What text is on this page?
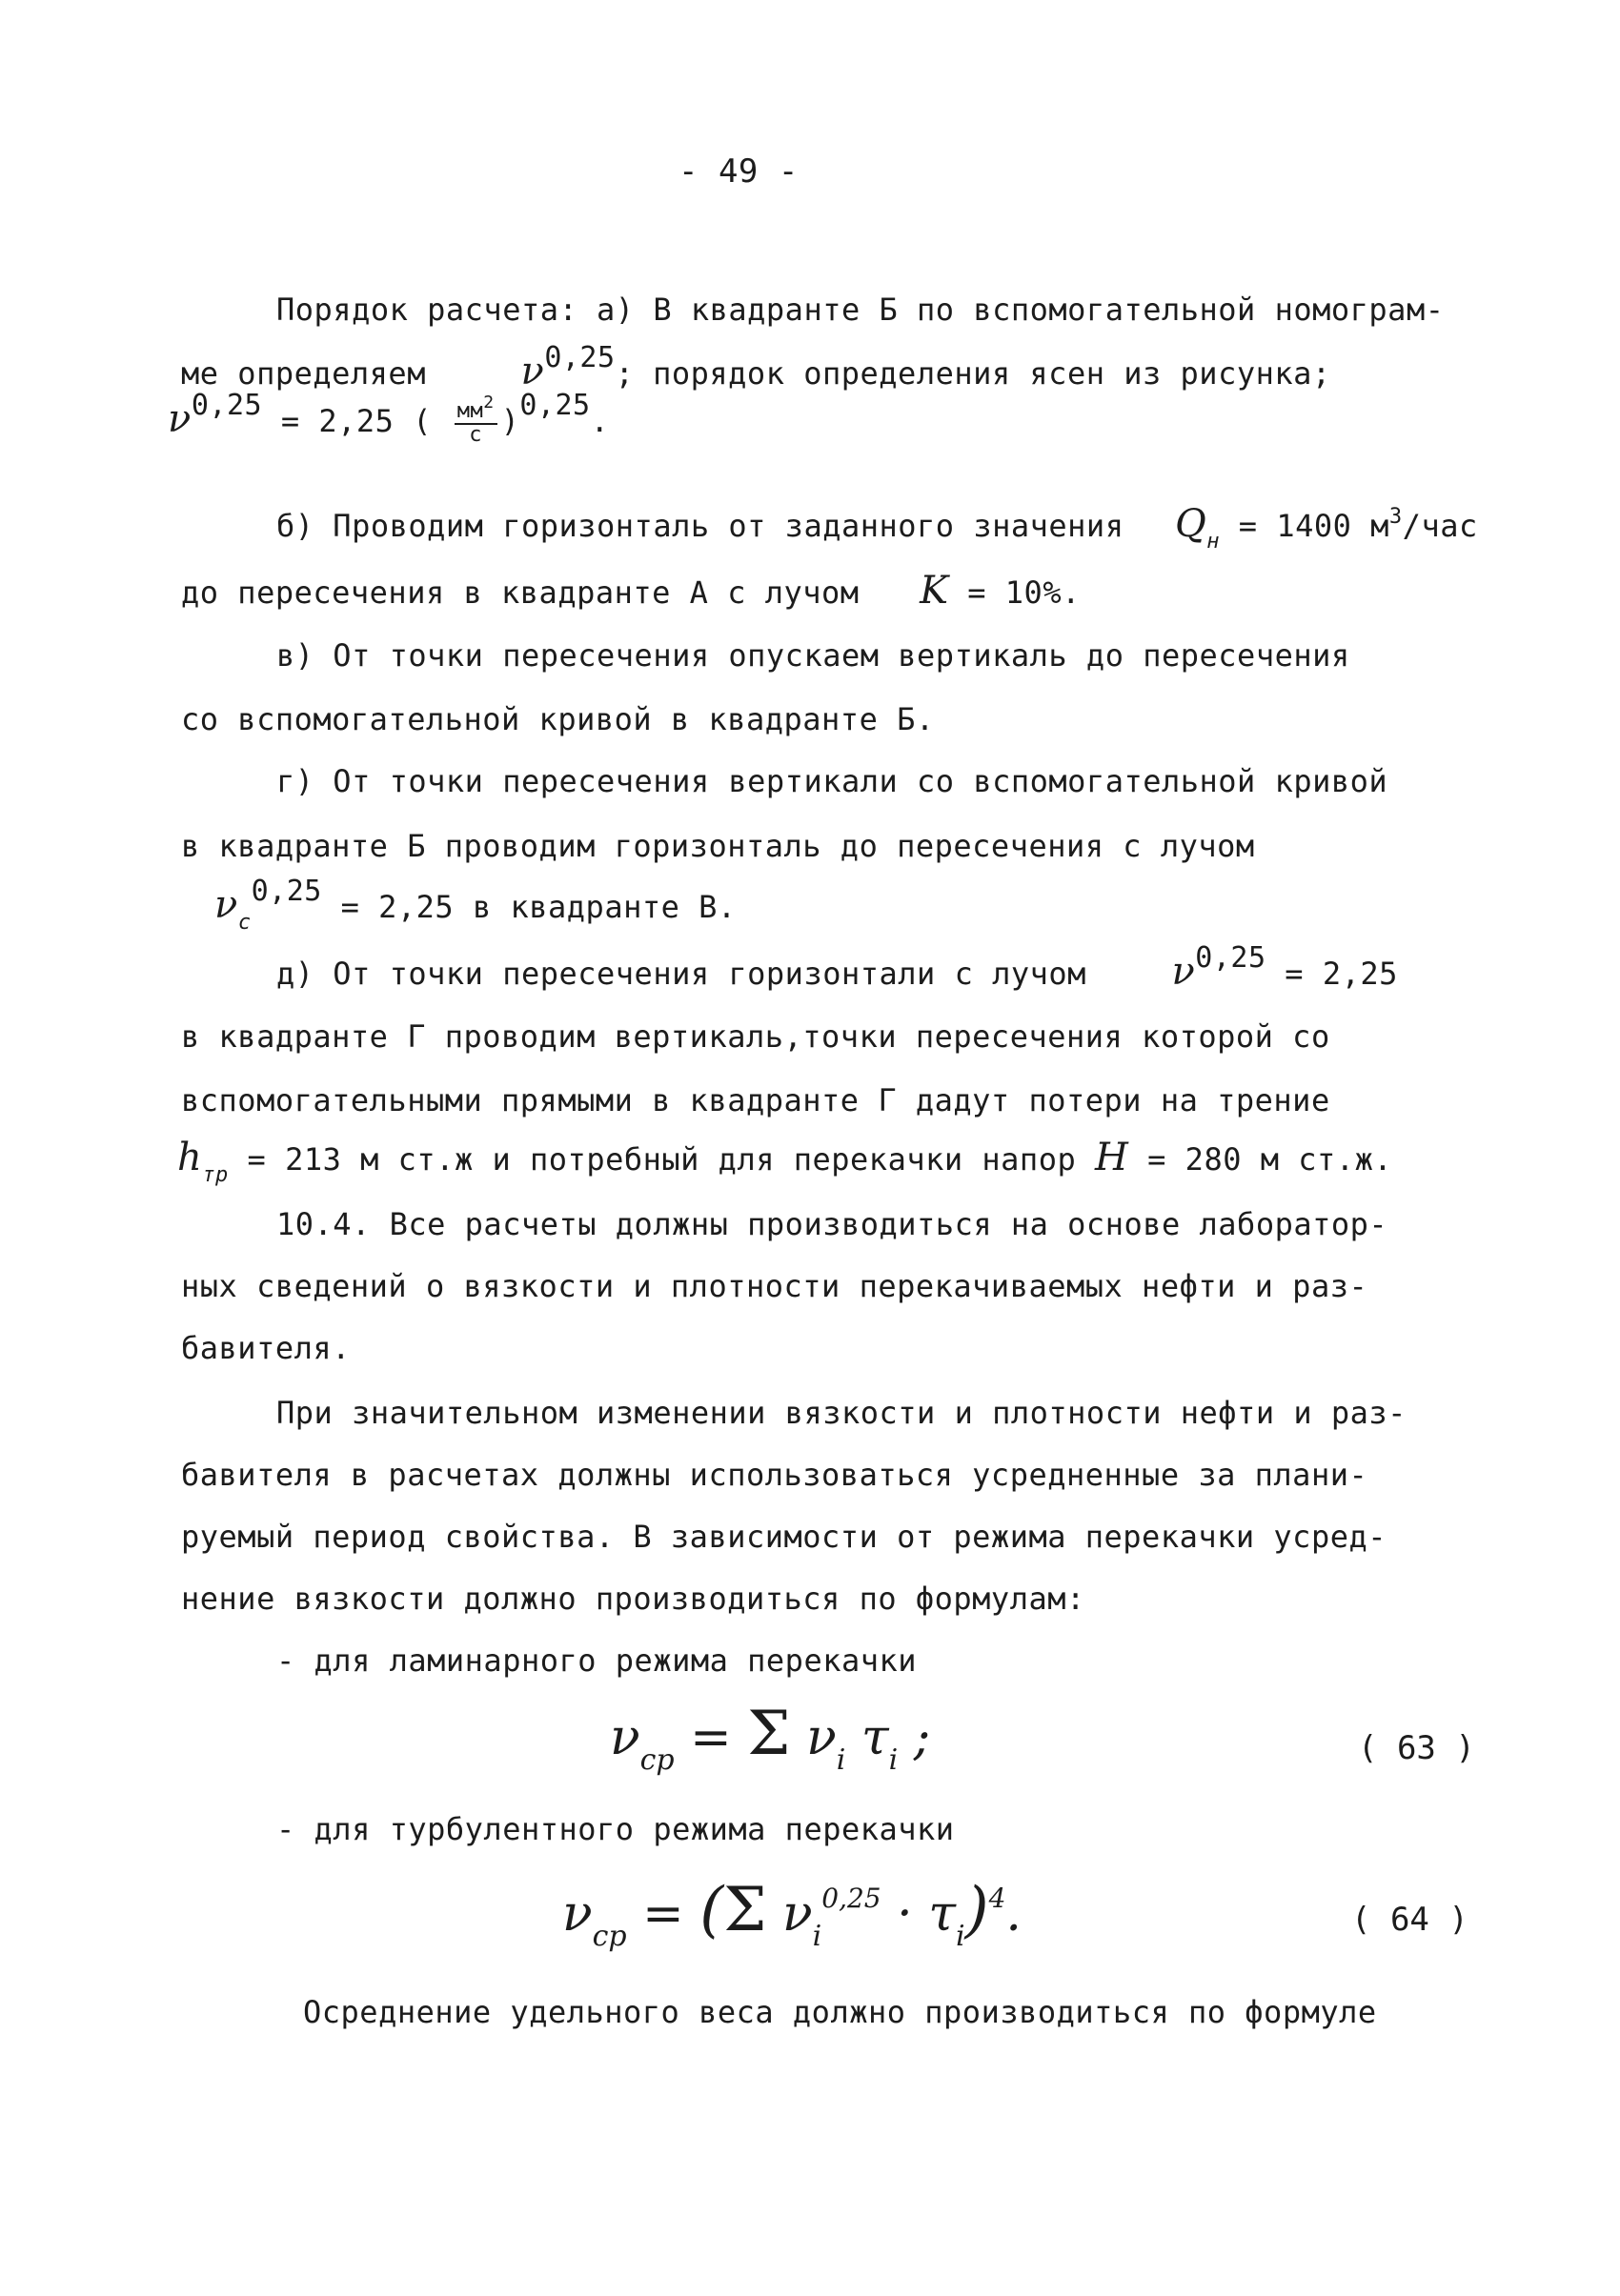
- 49 -
Порядок расчета: а) В квадранте Б по вспомогательной номограм-
ме определяем ν0,25; порядок определения ясен из рисунка;
ν0,25 = 2,25 ( $\frac{мм^2}{с} )0,25$.
б) Проводим горизонталь от заданного значения $Q_н = 1400$ $м^3$/час
до пересечения в квадранте А с лучом K = 10%.
в) От точки пересечения опускаем вертикаль до пересечения
со вспомогательной кривой в квадранте Б.
г) От точки пересечения вертикали со вспомогательной кривой
в квадранте Б проводим горизонталь до пересечения с лучом
$\nu_с0,25 = 2,25$ в квадранте В.
д) От точки пересечения горизонтали с лучом ν0,25 = 2,25
в квадранте Г проводим вертикаль,точки пересечения которой со
вспомогательными прямыми в квадранте Г дадут потери на трение
$h_{тр} = 213$ м ст.ж и потребный для перекачки напор H = 280 м ст.ж.
10.4. Все расчеты должны производиться на основе лаборатор-
ных сведений о вязкости и плотности перекачиваемых нефти и раз-
бавителя.
При значительном изменении вязкости и плотности нефти и раз-
бавителя в расчетах должны использоваться усредненные за плани-
руемый период свойства. В зависимости от режима перекачки усред-
нение вязкости должно производиться по формулам:
- для ламинарного режима перекачки
$\nu_{ср} = \Sigma$ $\nu_i$ $\tau_i$ ;	( 63 )
- для турбулентного режима перекачки
$\nu_{ср} = (\Sigma$ $\nu_i^{0,25} \cdot \tau_i)^4$.	( 64 )
Осреднение удельного веса должно производиться по формуле
